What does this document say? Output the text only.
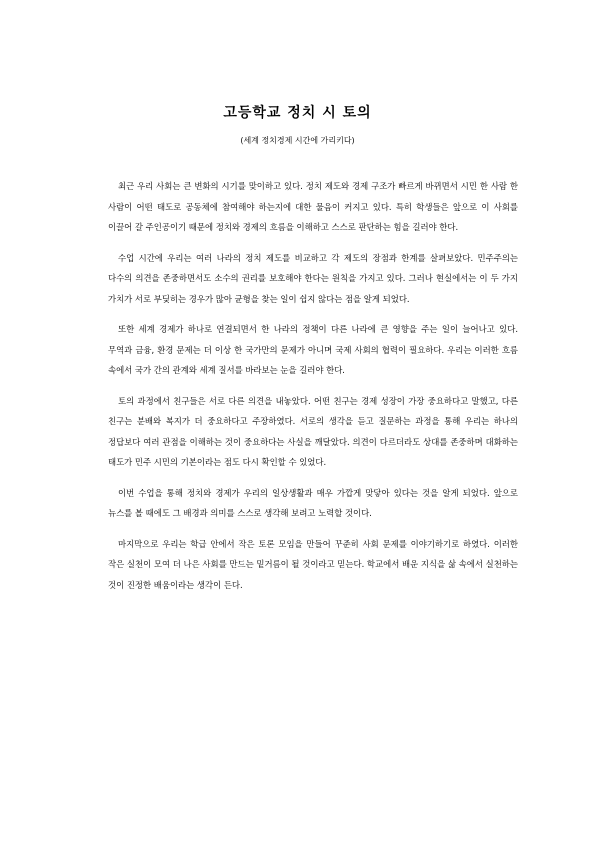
고등학교 정치 시 토의
(세계 정치경제 시간에 가리키다)

최근 우리 사회는 큰 변화의 시기를 맞이하고 있다. 정치 제도와 경제 구조가 빠르게 바뀌면서 시민 한 사람 한 사람이 어떤 태도로 공동체에 참여해야 하는지에 대한 물음이 커지고 있다. 특히 학생들은 앞으로 이 사회를 이끌어 갈 주인공이기 때문에 정치와 경제의 흐름을 이해하고 스스로 판단하는 힘을 길러야 한다.

수업 시간에 우리는 여러 나라의 정치 제도를 비교하고 각 제도의 장점과 한계를 살펴보았다. 민주주의는 다수의 의견을 존중하면서도 소수의 권리를 보호해야 한다는 원칙을 가지고 있다. 그러나 현실에서는 이 두 가지 가치가 서로 부딪히는 경우가 많아 균형을 찾는 일이 쉽지 않다는 점을 알게 되었다.

또한 세계 경제가 하나로 연결되면서 한 나라의 정책이 다른 나라에 큰 영향을 주는 일이 늘어나고 있다. 무역과 금융, 환경 문제는 더 이상 한 국가만의 문제가 아니며 국제 사회의 협력이 필요하다. 우리는 이러한 흐름 속에서 국가 간의 관계와 세계 질서를 바라보는 눈을 길러야 한다.

토의 과정에서 친구들은 서로 다른 의견을 내놓았다. 어떤 친구는 경제 성장이 가장 중요하다고 말했고, 다른 친구는 분배와 복지가 더 중요하다고 주장하였다. 서로의 생각을 듣고 질문하는 과정을 통해 우리는 하나의 정답보다 여러 관점을 이해하는 것이 중요하다는 사실을 깨달았다. 의견이 다르더라도 상대를 존중하며 대화하는 태도가 민주 시민의 기본이라는 점도 다시 확인할 수 있었다.

이번 수업을 통해 정치와 경제가 우리의 일상생활과 매우 가깝게 맞닿아 있다는 것을 알게 되었다. 앞으로 뉴스를 볼 때에도 그 배경과 의미를 스스로 생각해 보려고 노력할 것이다.

마지막으로 우리는 학급 안에서 작은 토론 모임을 만들어 꾸준히 사회 문제를 이야기하기로 하였다. 이러한 작은 실천이 모여 더 나은 사회를 만드는 밑거름이 될 것이라고 믿는다. 학교에서 배운 지식을 삶 속에서 실천하는 것이 진정한 배움이라는 생각이 든다.
